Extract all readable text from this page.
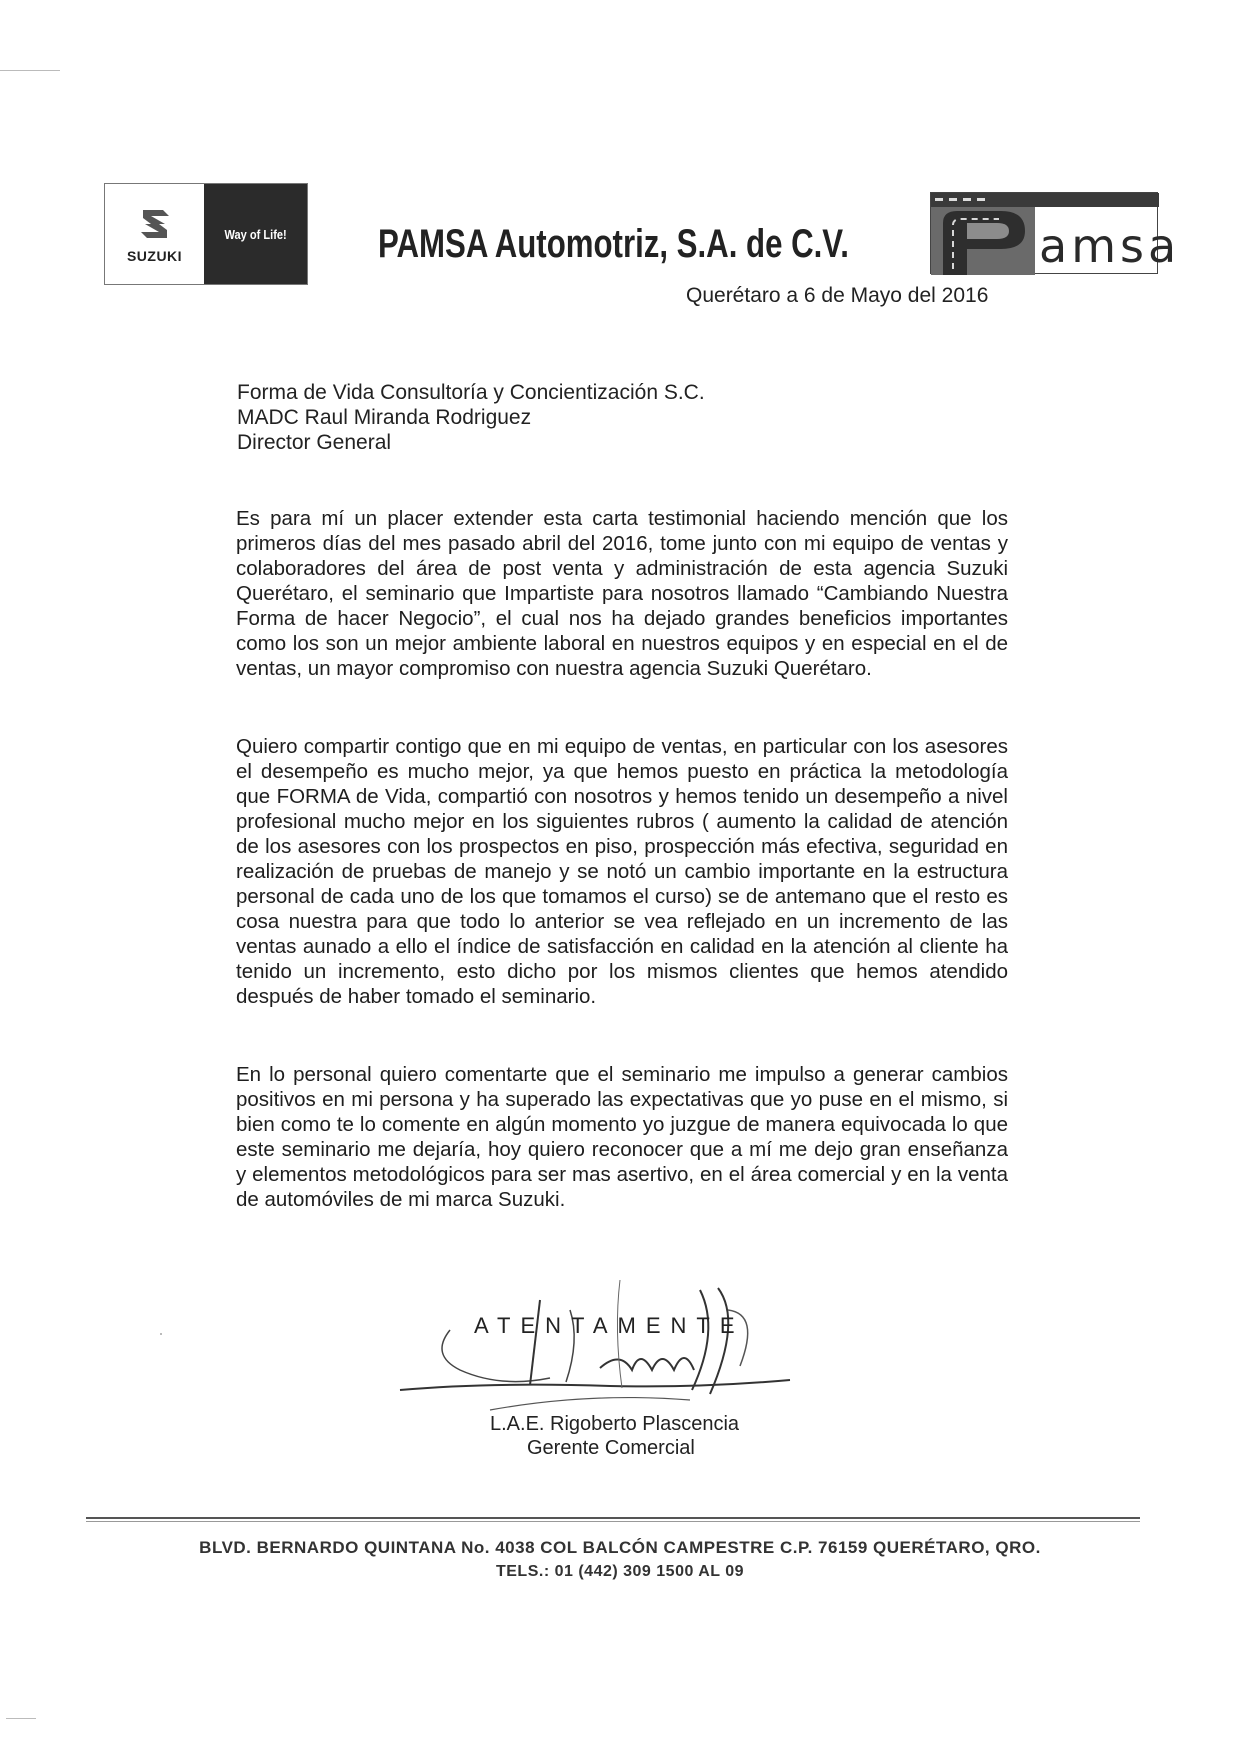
SUZUKI
Way of Life! PAMSA Automotriz, S.A. de C.V.	amsa
Querétaro a 6 de Mayo del 2016
Forma de Vida Consultoría y Concientización S.C.
MADC Raul Miranda Rodriguez
Director General

Es para mí un placer extender esta carta testimonial haciendo mención que los primeros días del mes pasado abril del 2016, tome junto con mi equipo de ventas y colaboradores del área de post venta y administración de esta agencia Suzuki Querétaro, el seminario que Impartiste para nosotros llamado “Cambiando Nuestra Forma de hacer Negocio”, el cual nos ha dejado grandes beneficios importantes como los son un mejor ambiente laboral en nuestros equipos y en especial en el de ventas, un mayor compromiso con nuestra agencia Suzuki Querétaro.

Quiero compartir contigo que en mi equipo de ventas, en particular con los asesores el desempeño es mucho mejor, ya que hemos puesto en práctica la metodología que FORMA de Vida, compartió con nosotros y hemos tenido un desempeño a nivel profesional mucho mejor en los siguientes rubros ( aumento la calidad de atención de los asesores con los prospectos en piso, prospección más efectiva, seguridad en realización de pruebas de manejo y se notó un cambio importante en la estructura personal de cada uno de los que tomamos el curso) se de antemano que el resto es cosa nuestra para que todo lo anterior se vea reflejado en un incremento de las ventas aunado a ello el índice de satisfacción en calidad en la atención al cliente ha tenido un incremento, esto dicho por los mismos clientes que hemos atendido después de haber tomado el seminario.

En lo personal quiero comentarte que el seminario me impulso a generar cambios positivos en mi persona y ha superado las expectativas que yo puse en el mismo, si bien como te lo comente en algún momento yo juzgue de manera equivocada lo que este seminario me dejaría, hoy quiero reconocer que a mí me dejo gran enseñanza y elementos metodológicos para ser mas asertivo, en el área comercial y en la venta de automóviles de mi marca Suzuki.

ATENTAMENTE
L.A.E. Rigoberto Plascencia
Gerente Comercial
BLVD. BERNARDO QUINTANA No. 4038 COL BALCÓN CAMPESTRE C.P. 76159 QUERÉTARO, QRO.
TELS.: 01 (442) 309 1500 AL 09
